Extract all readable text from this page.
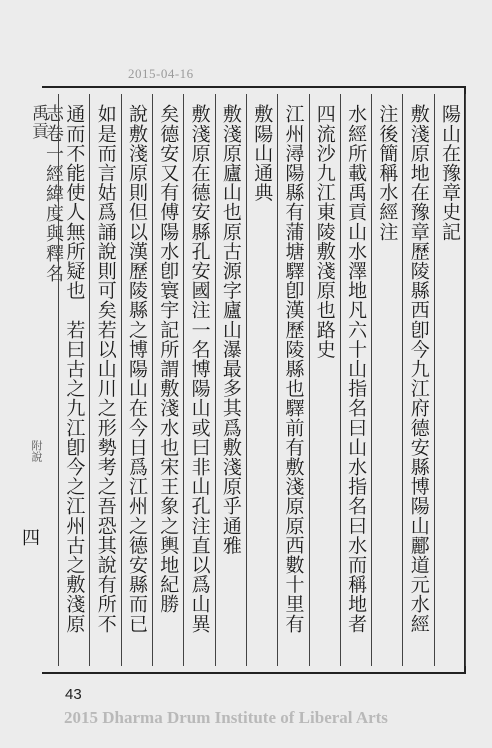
2015-04-16
禹貢
志卷一經緯度與釋名
附說
四
陽山在豫章史記
敷淺原地在豫章歷陵縣西卽今九江府德安縣博陽山酈道元水經
注後簡稱水經注
水經所載禹貢山水澤地凡六十山指名曰山水指名曰水而稱地者
四流沙九江東陵敷淺原也路史
江州潯陽縣有蒲塘驛卽漢歷陵縣也驛前有敷淺原原西數十里有
敷陽山通典
敷淺原廬山也原古源字廬山瀑最多其爲敷淺原乎通雅
敷淺原在德安縣孔安國注一名博陽山或曰非山孔注直以爲山異
矣德安又有傅陽水卽寰宇記所謂敷淺水也宋王象之輿地紀勝
說敷淺原則但以漢歷陵縣之博陽山在今日爲江州之德安縣而已
如是而言姑爲誦說則可矣若以山川之形勢考之吾恐其說有所不
通而不能使人無所疑也　若曰古之九江卽今之江州古之敷淺原
43
2015 Dharma Drum Institute of Liberal Arts
